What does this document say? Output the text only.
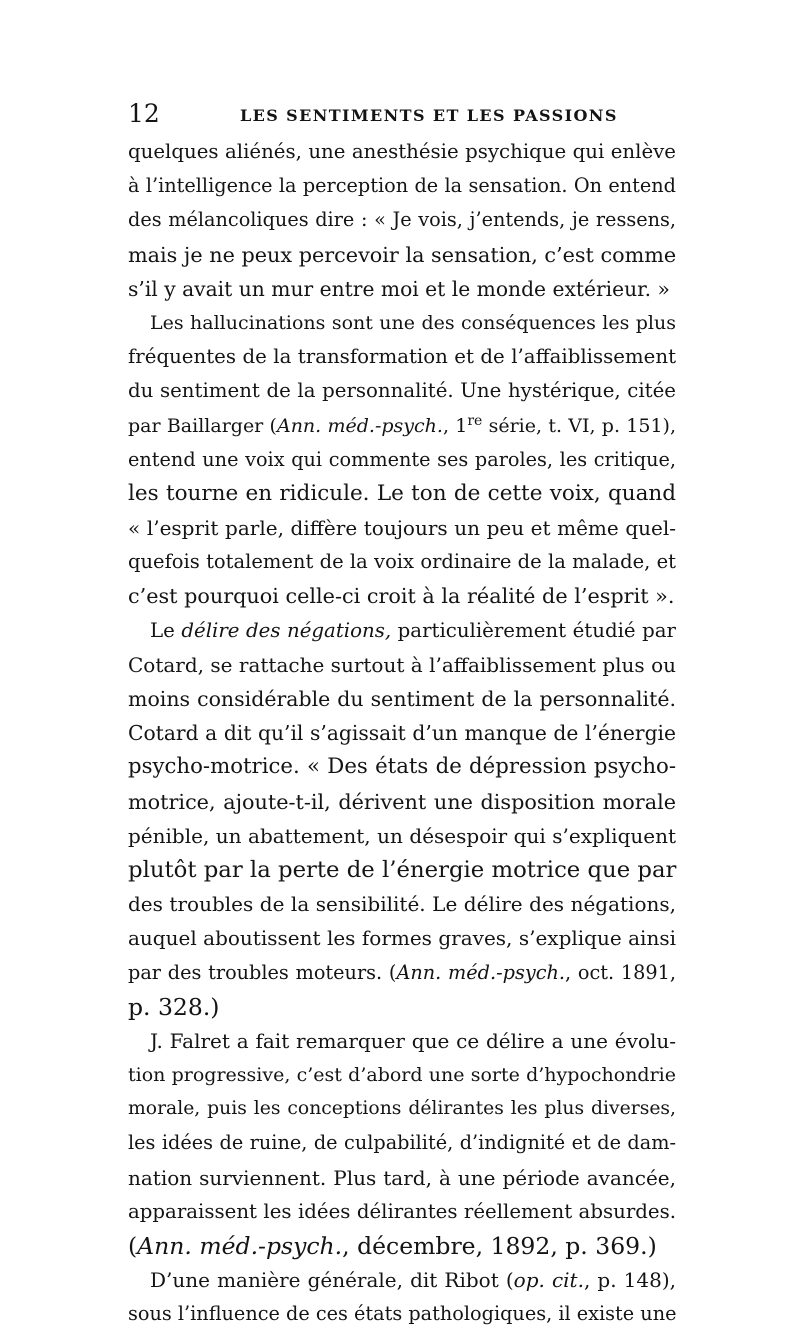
12	LES SENTIMENTS ET LES PASSIONS
quelques aliénés, une anesthésie psychique qui enlève
à l’intelligence la perception de la sensation. On entend
des mélancoliques dire : « Je vois, j’entends, je ressens,
mais je ne peux percevoir la sensation, c’est comme
s’il y avait un mur entre moi et le monde extérieur. »
Les hallucinations sont une des conséquences les plus
fréquentes de la transformation et de l’affaiblissement
du sentiment de la personnalité. Une hystérique, citée
par Baillarger (Ann. méd.-psych., 1re série, t. VI, p. 151),
entend une voix qui commente ses paroles, les critique,
les tourne en ridicule. Le ton de cette voix, quand
« l’esprit parle, diffère toujours un peu et même quel-
quefois totalement de la voix ordinaire de la malade, et
c’est pourquoi celle-ci croit à la réalité de l’esprit ».
Le délire des négations, particulièrement étudié par
Cotard, se rattache surtout à l’affaiblissement plus ou
moins considérable du sentiment de la personnalité.
Cotard a dit qu’il s’agissait d’un manque de l’énergie
psycho-motrice. « Des états de dépression psycho-
motrice, ajoute-t-il, dérivent une disposition morale
pénible, un abattement, un désespoir qui s’expliquent
plutôt par la perte de l’énergie motrice que par
des troubles de la sensibilité. Le délire des négations,
auquel aboutissent les formes graves, s’explique ainsi
par des troubles moteurs. (Ann. méd.-psych., oct. 1891,
p. 328.)
J. Falret a fait remarquer que ce délire a une évolu-
tion progressive, c’est d’abord une sorte d’hypochondrie
morale, puis les conceptions délirantes les plus diverses,
les idées de ruine, de culpabilité, d’indignité et de dam-
nation surviennent. Plus tard, à une période avancée,
apparaissent les idées délirantes réellement absurdes.
(Ann. méd.-psych., décembre, 1892, p. 369.)
D’une manière générale, dit Ribot (op. cit., p. 148),
sous l’influence de ces états pathologiques, il existe une
